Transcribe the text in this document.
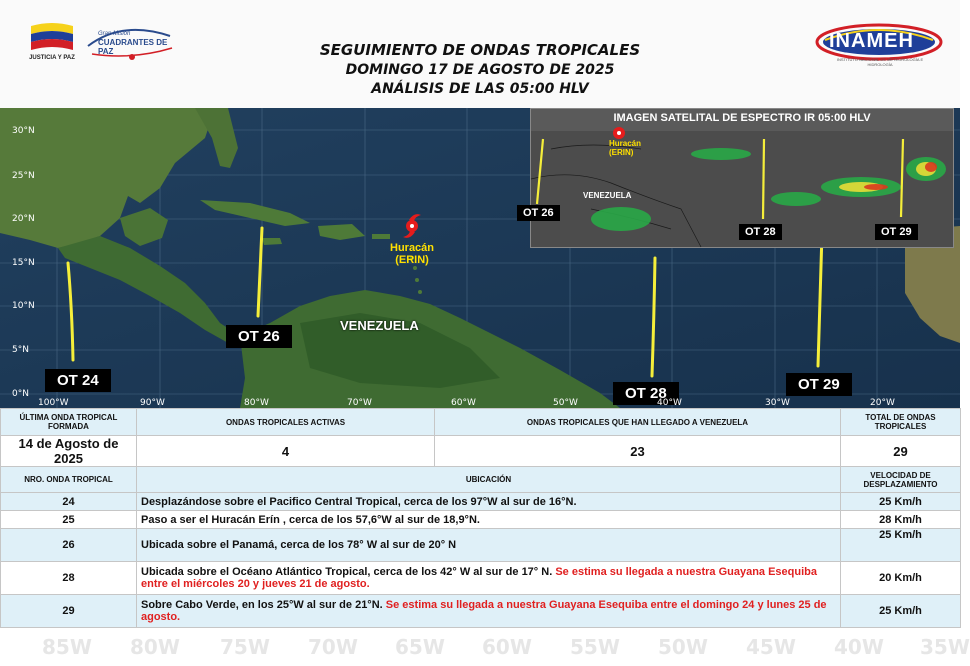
85W 80W 75W 70W 65W 60W 55W 50W 45W 40W 35W
JUSTICIA Y PAZ
Gran Misión
CUADRANTES DE PAZ	SEGUIMIENTO DE ONDAS TROPICALES
DOMINGO 17 DE AGOSTO DE 2025
ANÁLISIS DE LAS 05:00 HLV
INAMEH
INSTITUTO NACIONAL DE METEOROLOGÍA E HIDROLOGÍA
30°N
25°N
20°N
15°N
10°N
5°N
0°N
VENEZUELA
Huracán
(ERIN)
OT 24
OT 26
OT 28
OT 29
100°W	90°W	80°W	70°W	60°W	50°W	40°W	30°W	20°W
IMAGEN SATELITAL DE ESPECTRO IR 05:00 HLV
Huracán
(ERIN)
VENEZUELA
OT 26
OT 28	OT 29
ÚLTIMA ONDA TROPICAL FORMADA	ONDAS TROPICALES ACTIVAS	ONDAS TROPICALES QUE HAN LLEGADO A VENEZUELA	TOTAL DE ONDAS TROPICALES
14 de Agosto de 2025	4	23	29
NRO. ONDA TROPICAL	UBICACIÓN		VELOCIDAD DE DESPLAZAMIENTO
24	Desplazándose sobre el Pacifico Central Tropical, cerca de los 97°W al sur de 16°N.		25 Km/h
25	Paso a ser el Huracán Erín , cerca de los 57,6°W al sur de 18,9°N.		28 Km/h
26	Ubicada sobre el Panamá, cerca de los 78° W al sur de 20° N		25 Km/h
28	Ubicada sobre el Océano Atlántico Tropical, cerca de los 42° W al sur de 17° N. Se estima su llegada a nuestra Guayana Esequiba entre el miércoles 20 y jueves 21 de agosto.		20 Km/h
29	Sobre Cabo Verde, en los 25°W al sur de 21°N. Se estima su llegada a nuestra Guayana Esequiba entre el domingo 24 y lunes 25 de agosto.		25 Km/h
